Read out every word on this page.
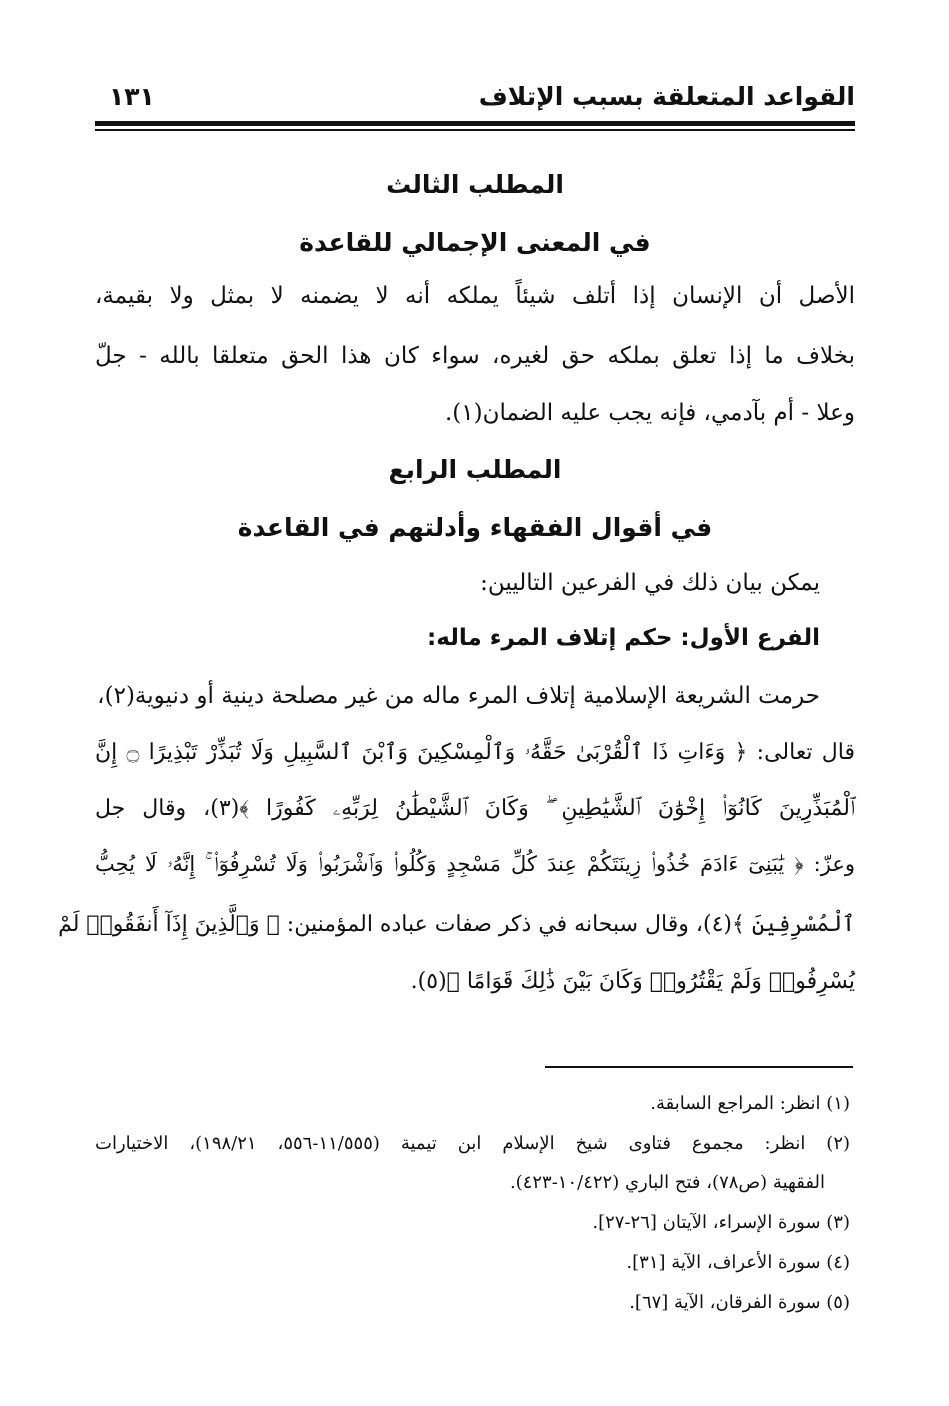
القواعد المتعلقة بسبب الإتلاف
١٣١
المطلب الثالث
في المعنى الإجمالي للقاعدة
الأصل أن الإنسان إذا أتلف شيئاً يملكه أنه لا يضمنه لا بمثل ولا بقيمة،
بخلاف ما إذا تعلق بملكه حق لغيره، سواء كان هذا الحق متعلقا بالله - جلّ
وعلا - أم بآدمي، فإنه يجب عليه الضمان(١).
المطلب الرابع
في أقوال الفقهاء وأدلتهم في القاعدة
يمكن بيان ذلك في الفرعين التاليين:
الفرع الأول: حكم إتلاف المرء ماله:
حرمت الشريعة الإسلامية إتلاف المرء ماله من غير مصلحة دينية أو دنيوية(٢)،
قال تعالى: ﴿ وَءَاتِ ذَا ٱلْقُرْبَىٰ حَقَّهُۥ وَٱلْمِسْكِينَ وَٱبْنَ ٱلسَّبِيلِ وَلَا تُبَذِّرْ تَبْذِيرًا ۝ إِنَّ
ٱلْمُبَذِّرِينَ كَانُوٓا۟ إِخْوَٰنَ ٱلشَّيَٰطِينِ ۖ وَكَانَ ٱلشَّيْطَٰنُ لِرَبِّهِۦ كَفُورًا ﴾(٣)، وقال جل
وعزّ: ﴿ يَٰبَنِىٓ ءَادَمَ خُذُوا۟ زِينَتَكُمْ عِندَ كُلِّ مَسْجِدٍ وَكُلُوا۟ وَٱشْرَبُوا۟ وَلَا تُسْرِفُوٓا۟ ۚ إِنَّهُۥ لَا يُحِبُّ
ٱلْمُسْرِفِينَ ﴾(٤)، وقال سبحانه في ذكر صفات عباده المؤمنين: ﴿ وَٱلَّذِينَ إِذَآ أَنفَقُوا۟ لَمْ
يُسْرِفُوا۟ وَلَمْ يَقْتُرُوا۟ وَكَانَ بَيْنَ ذَٰلِكَ قَوَامًا ﴾(٥).
(١) انظر: المراجع السابقة.
(٢) انظر: مجموع فتاوى شيخ الإسلام ابن تيمية (١١/٥٥٥-٥٥٦، ١٩٨/٢١)، الاختيارات
الفقهية (ص٧٨)، فتح الباري (١٠/٤٢٢-٤٢٣).
(٣) سورة الإسراء، الآيتان [٢٦-٢٧].
(٤) سورة الأعراف، الآية [٣١].
(٥) سورة الفرقان، الآية [٦٧].
